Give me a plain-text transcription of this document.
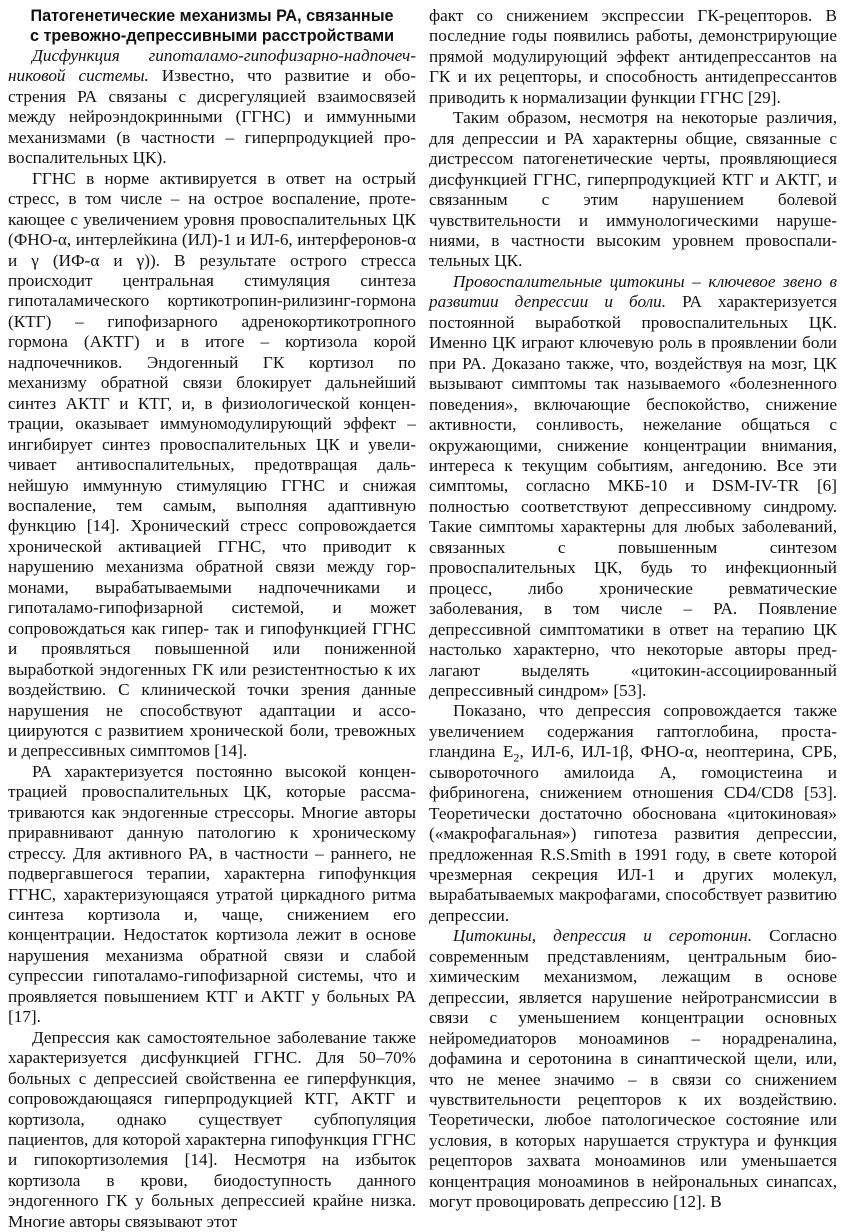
Патогенетические механизмы РА, связанные
с тревожно-депрессивными расстройствами

Дисфункция гипоталамо-гипофизарно-надпочечниковой системы. Известно, что развитие и обострения РА связаны с дисрегуляцией взаимосвязей между нейроэндокринными (ГГНС) и иммунными механизмами (в частности – гиперпродукцией провоспалительных ЦК).

ГГНС в норме активируется в ответ на острый стресс, в том числе – на острое воспаление, протекающее с увеличением уровня провоспалительных ЦК (ФНО-α, интерлейкина (ИЛ)-1 и ИЛ-6, интерферонов-α и γ (ИФ-α и γ)). В результате острого стресса происходит центральная стимуляция синтеза гипоталамического кортикотропин-рилизинг-гормона (КТГ) – гипофизарного адренокортикотропного гормона (АКТГ) и в итоге – кортизола корой надпочечников. Эндогенный ГК кортизол по механизму обратной связи блокирует дальнейший синтез АКТГ и КТГ, и, в физиологической концентрации, оказывает иммуномодулирующий эффект – ингибирует синтез провоспалительных ЦК и увеличивает антивоспалительных, предотвращая дальнейшую иммунную стимуляцию ГГНС и снижая воспаление, тем самым, выполняя адаптивную функцию [14]. Хронический стресс сопровождается хронической активацией ГГНС, что приводит к нарушению механизма обратной связи между гормонами, вырабатываемыми надпочечниками и гипоталамо-гипофизарной системой, и может сопровождаться как гипер- так и гипофункцией ГГНС и проявляться повышенной или пониженной выработкой эндогенных ГК или резистентностью к их воздействию. С клинической точки зрения данные нарушения не способствуют адаптации и ассоциируются с развитием хронической боли, тревожных и депрессивных симптомов [14].

РА характеризуется постоянно высокой концентрацией провоспалительных ЦК, которые рассматриваются как эндогенные стрессоры. Многие авторы приравнивают данную патологию к хроническому стрессу. Для активного РА, в частности – раннего, не подвергавшегося терапии, характерна гипофункция ГГНС, характеризующаяся утратой циркадного ритма синтеза кортизола и, чаще, снижением его концентрации. Недостаток кортизола лежит в основе нарушения механизма обратной связи и слабой супрессии гипоталамо-гипофизарной системы, что и проявляется повышением КТГ и АКТГ у больных РА [17].

Депрессия как самостоятельное заболевание также характеризуется дисфункцией ГГНС. Для 50–70% больных с депрессией свойственна ее гиперфункция, сопровождающаяся гиперпродукцией КТГ, АКТГ и кортизола, однако существует субпопуляция пациентов, для которой характерна гипофункция ГГНС и гипокортизолемия [14]. Несмотря на избыток кортизола в крови, биодоступность данного эндогенного ГК у больных депрессией крайне низка. Многие авторы связывают этот

факт со снижением экспрессии ГК-рецепторов. В последние годы появились работы, демонстрирующие прямой модулирующий эффект антидепрессантов на ГК и их рецепторы, и способность антидепрессантов приводить к нормализации функции ГГНС [29].

Таким образом, несмотря на некоторые различия, для депрессии и РА характерны общие, связанные с дистрессом патогенетические черты, проявляющиеся дисфункцией ГГНС, гиперпродукцией КТГ и АКТГ, и связанным с этим нарушением болевой чувствительности и иммунологическими нарушениями, в частности высоким уровнем провоспалительных ЦК.

Провоспалительные цитокины – ключевое звено в развитии депрессии и боли. РА характеризуется постоянной выработкой провоспалительных ЦК. Именно ЦК играют ключевую роль в проявлении боли при РА. Доказано также, что, воздействуя на мозг, ЦК вызывают симптомы так называемого «болезненного поведения», включающие беспокойство, снижение активности, сонливость, нежелание общаться с окружающими, снижение концентрации внимания, интереса к текущим событиям, ангедонию. Все эти симптомы, согласно МКБ-10 и DSM-IV-TR [6] полностью соответствуют депрессивному синдрому. Такие симптомы характерны для любых заболеваний, связанных с повышенным синтезом провоспалительных ЦК, будь то инфекционный процесс, либо хронические ревматические заболевания, в том числе – РА. Появление депрессивной симптоматики в ответ на терапию ЦК настолько характерно, что некоторые авторы предлагают выделять «цитокин-ассоциированный депрессивный синдром» [53].

Показано, что депрессия сопровождается также увеличением содержания гаптоглобина, простагландина $E_2$, ИЛ-6, ИЛ-1β, ФНО-α, неоптерина, СРБ, сывороточного амилоида А, гомоцистеина и фибриногена, снижением отношения CD4/CD8 [53]. Теоретически достаточно обоснована «цитокиновая» («макрофагальная») гипотеза развития депрессии, предложенная R.S.Smith в 1991 году, в свете которой чрезмерная секреция ИЛ-1 и других молекул, вырабатываемых макрофагами, способствует развитию депрессии.

Цитокины, депрессия и серотонин. Согласно современным представлениям, центральным биохимическим механизмом, лежащим в основе депрессии, является нарушение нейротрансмиссии в связи с уменьшением концентрации основных нейромедиаторов моноаминов – норадреналина, дофамина и серотонина в синаптической щели, или, что не менее значимо – в связи со снижением чувствительности рецепторов к их воздействию. Теоретически, любое патологическое состояние или условия, в которых нарушается структура и функция рецепторов захвата моноаминов или уменьшается концентрация моноаминов в нейрональных синапсах, могут провоцировать депрессию [12]. В
